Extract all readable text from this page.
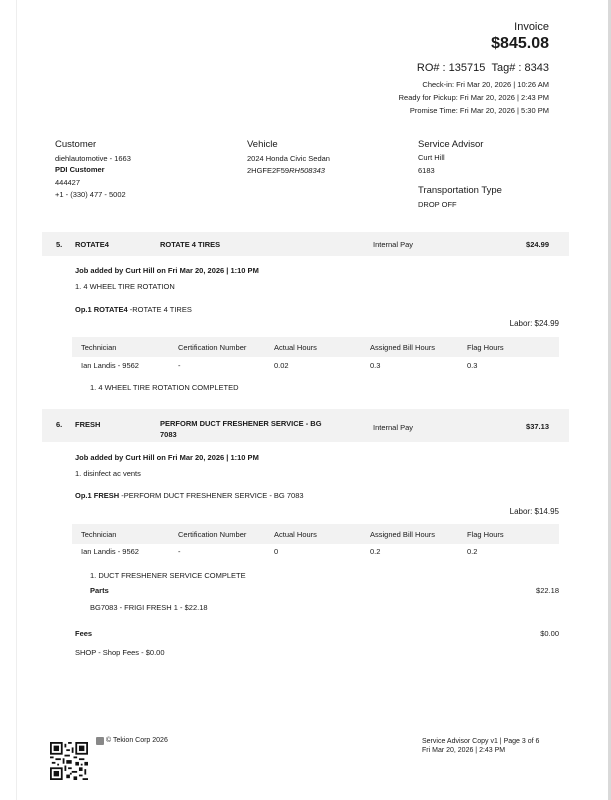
Invoice
$845.08
RO# : 135715 Tag# : 8343
Check-in: Fri Mar 20, 2026 | 10:26 AM
Ready for Pickup: Fri Mar 20, 2026 | 2:43 PM
Promise Time: Fri Mar 20, 2026 | 5:30 PM
Customer
diehlautomotive - 1663
PDI Customer
444427
+1 - (330) 477 - 5002
Vehicle
2024 Honda Civic Sedan
2HGFE2F59RH508343
Service Advisor
Curt Hill
6183
Transportation Type
DROP OFF
5. ROTATE4	ROTATE 4 TIRES	Internal Pay	$24.99
Job added by Curt Hill on Fri Mar 20, 2026 | 1:10 PM
1. 4 WHEEL TIRE ROTATION
Op.1 ROTATE4 -ROTATE 4 TIRES
Labor: $24.99
Technician	Certification Number	Actual Hours	Assigned Bill Hours	Flag Hours
Ian Landis - 9562	-	0.02	0.3	0.3
1. 4 WHEEL TIRE ROTATION COMPLETED
6. FRESH	PERFORM DUCT FRESHENER SERVICE - BG
7083
Internal Pay	$37.13
Job added by Curt Hill on Fri Mar 20, 2026 | 1:10 PM
1. disinfect ac vents
Op.1 FRESH -PERFORM DUCT FRESHENER SERVICE - BG 7083
Labor: $14.95
Technician	Certification Number	Actual Hours	Assigned Bill Hours	Flag Hours
Ian Landis - 9562	-	0	0.2	0.2
1. DUCT FRESHENER SERVICE COMPLETE
Parts	$22.18
BG7083 - FRIGI FRESH 1 - $22.18
Fees	$0.00
SHOP - Shop Fees - $0.00
© Tekion Corp 2026	Service Advisor Copy v1 | Page 3 of 6
Fri Mar 20, 2026 | 2:43 PM
